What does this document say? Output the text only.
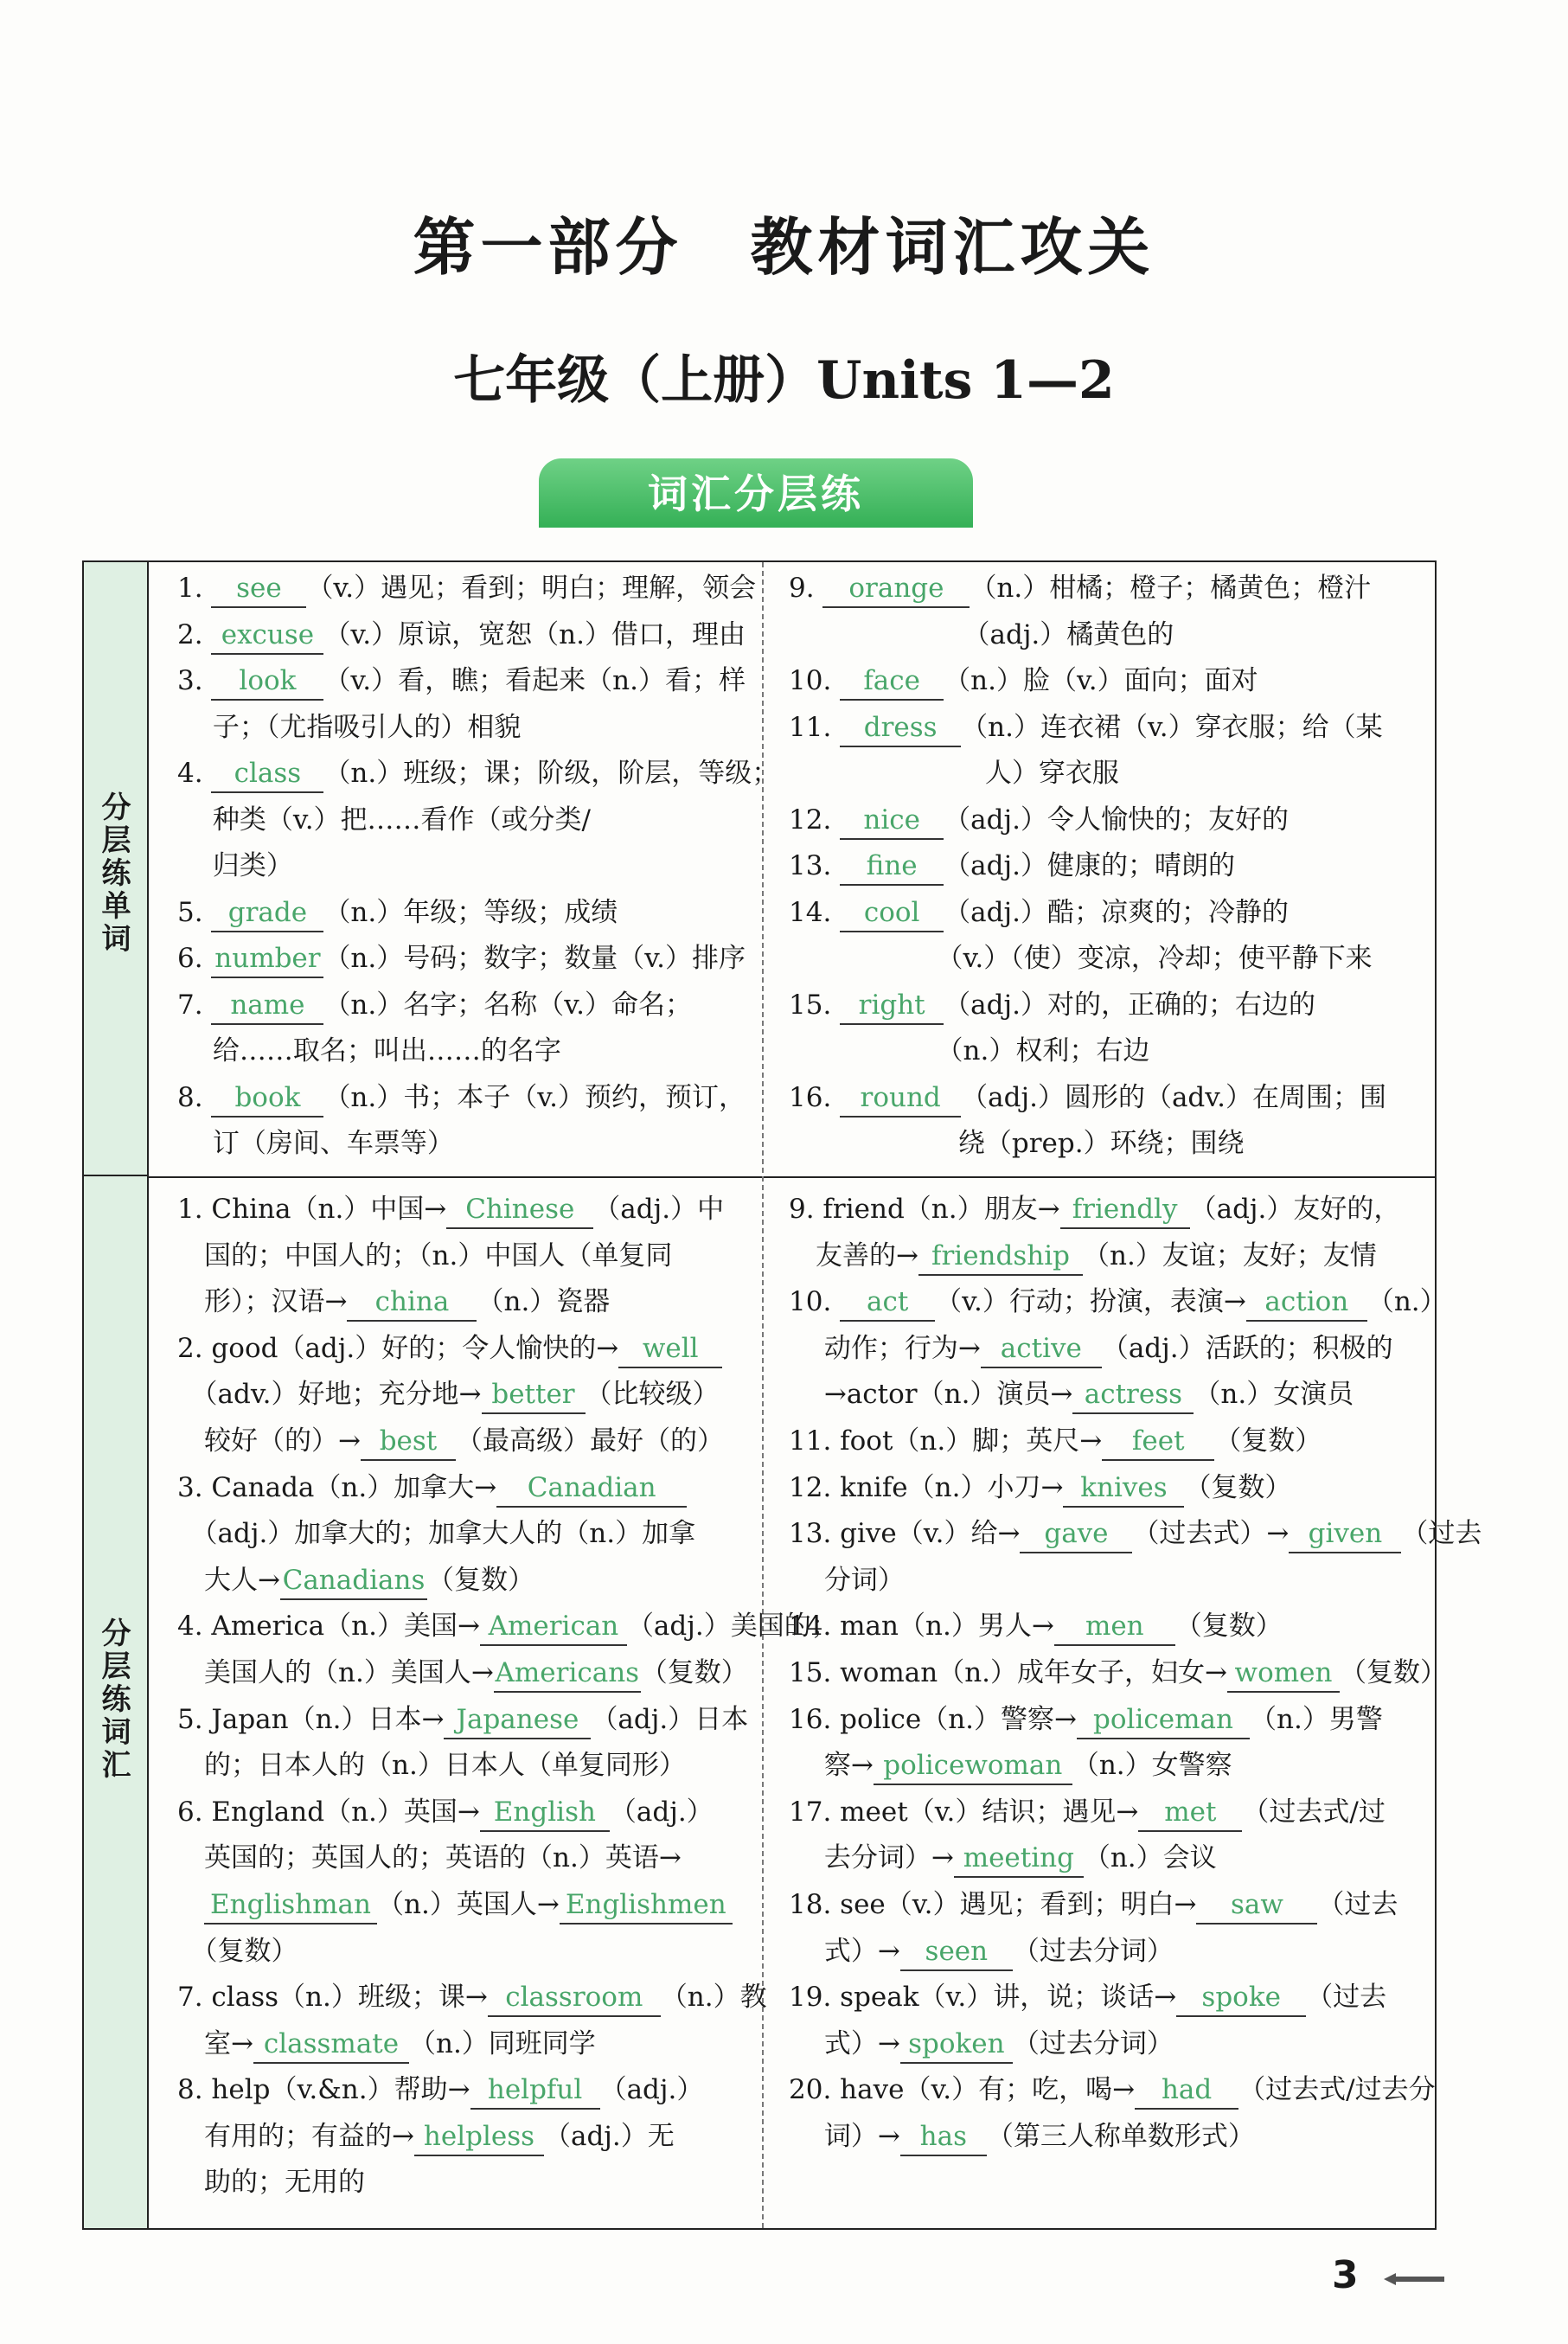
第一部分　教材词汇攻关
七年级（上册）Units 1—2
词汇分层练
分
层
练
单
词
分
层
练
词
汇
1. see （v.）遇见；看到；明白；理解，领会
2. excuse （v.）原谅，宽恕（n.）借口，理由
3. look （v.）看，瞧；看起来（n.）看；样
　 子；（尤指吸引人的）相貌
4. class （n.）班级；课；阶级，阶层，等级；
　 种类（v.）把……看作（或分类/
　 归类）
5. grade （n.）年级；等级；成绩
6. number （n.）号码；数字；数量（v.）排序
7. name （n.）名字；名称（v.）命名；
　 给……取名；叫出……的名字
8. book （n.）书；本子（v.）预约，预订，
　 订（房间、车票等）
9. orange （n.）柑橘；橙子；橘黄色；橙汁
　　　　　　　（adj.）橘黄色的
10. face （n.）脸（v.）面向；面对
11. dress （n.）连衣裙（v.）穿衣服；给（某
　　　　　　　 人）穿衣服
12. nice （adj.）令人愉快的；友好的
13. fine （adj.）健康的；晴朗的
14. cool （adj.）酷；凉爽的；冷静的
　　　　　　（v.）（使）变凉，冷却；使平静下来
15. right （adj.）对的，正确的；右边的
　　　　　　（n.）权利；右边
16. round （adj.）圆形的（adv.）在周围；围
　　　　　　 绕（prep.）环绕；围绕
1. China（n.）中国→ Chinese （adj.）中
　国的；中国人的；（n.）中国人（单复同
　形）；汉语→ china （n.）瓷器
2. good（adj.）好的；令人愉快的→ well
　（adv.）好地；充分地→ better （比较级）
　较好（的）→ best （最高级）最好（的）
3. Canada（n.）加拿大→ Canadian
　（adj.）加拿大的；加拿大人的（n.）加拿
　大人→Canadians（复数）
4. America（n.）美国→ American （adj.）美国的；
　美国人的（n.）美国人→Americans（复数）
5. Japan（n.）日本→ Japanese （adj.）日本
　的；日本人的（n.）日本人（单复同形）
6. England（n.）英国→ English （adj.）
　英国的；英国人的；英语的（n.）英语→
　Englishman （n.）英国人→ Englishmen
　（复数）
7. class（n.）班级；课→ classroom （n.）教
　室→ classmate （n.）同班同学
8. help（v.&n.）帮助→ helpful （adj.）
　有用的；有益的→ helpless （adj.）无
　助的；无用的
9. friend（n.）朋友→ friendly （adj.）友好的，
　友善的→ friendship （n.）友谊；友好；友情
10. act （v.）行动；扮演，表演→ action （n.）
　 动作；行为→ active （adj.）活跃的；积极的
　 →actor（n.）演员→ actress （n.）女演员
11. foot（n.）脚；英尺→ feet （复数）
12. knife（n.）小刀→ knives （复数）
13. give（v.）给→ gave （过去式）→ given （过去
　 分词）
14. man（n.）男人→ men （复数）
15. woman（n.）成年女子，妇女→ women （复数）
16. police（n.）警察→ policeman （n.）男警
　 察→ policewoman （n.）女警察
17. meet（v.）结识；遇见→ met （过去式/过
　 去分词）→ meeting （n.）会议
18. see（v.）遇见；看到；明白→ saw （过去
　 式）→ seen （过去分词）
19. speak（v.）讲，说；谈话→ spoke （过去
　 式）→ spoken （过去分词）
20. have（v.）有；吃，喝→ had （过去式/过去分
　 词）→ has （第三人称单数形式）
3
